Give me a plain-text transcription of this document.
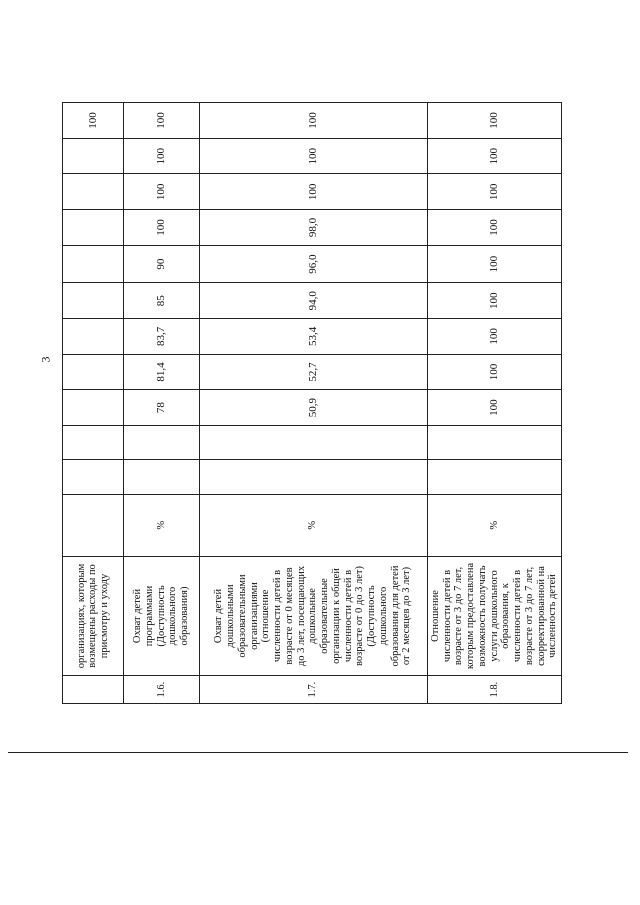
3
	организациях, которым возмещены расходы по присмотру и уходу												100
1.6.	Охват детей программами (Доступность дошкольного образования)	%			78	81,4	83,7	85	90	100	100	100	100
1.7.	Охват детей дошкольными образовательными организациями (отношение численности детей в возрасте от 0 месяцев до 3 лет, посещающих дошкольные образовательные организации к общей численности детей в возрасте от 0 до 3 лет) (Доступность дошкольного образования для детей от 2 месяцев до 3 лет)	%			50,9	52,7	53,4	94,0	96,0	98,0	100	100	100
1.8.	Отношение численности детей в возрасте от 3 до 7 лет, которым предоставлена возможность получать услуги дошкольного образования, к численности детей в возрасте от 3 до 7 лет, скорректированной на численность детей	%			100	100	100	100	100	100	100	100	100
